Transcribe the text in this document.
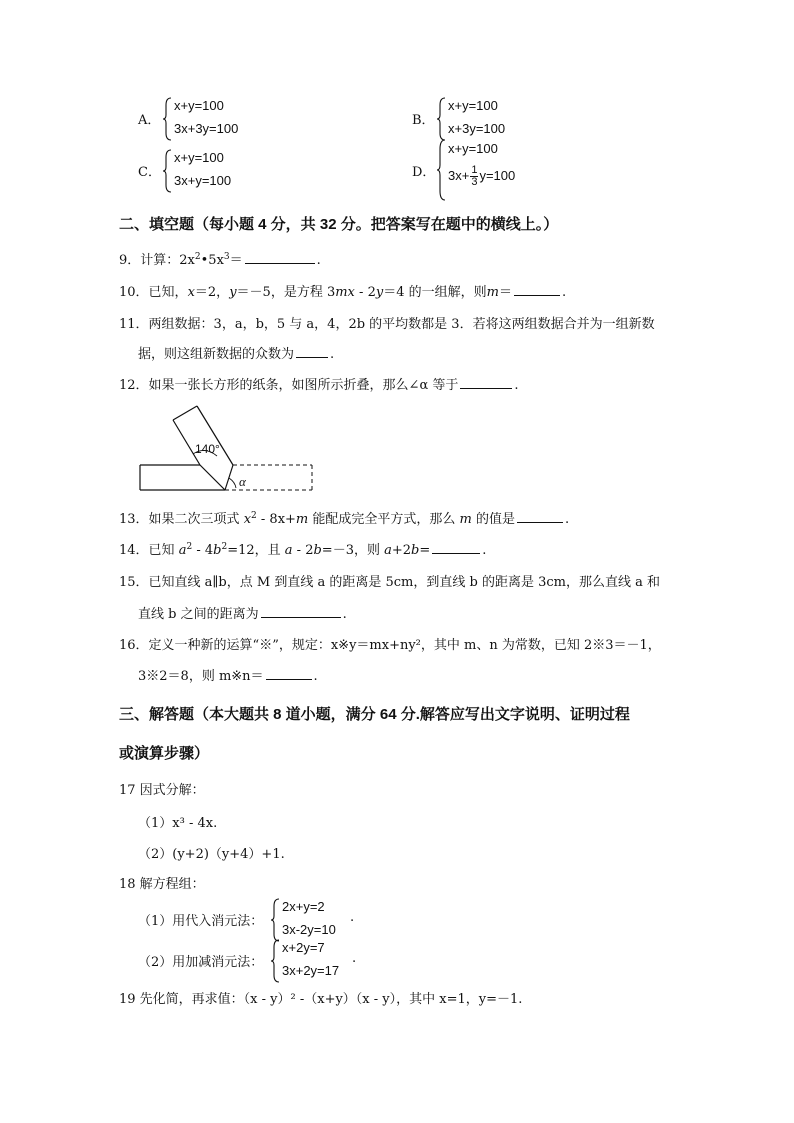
A．
x+y=100
3x+3y=100
B．
x+y=100
x+3y=100
C．
x+y=100
3x+y=100
D．
x+y=100
$3x+ \frac{1}{3} y=100$
二、填空题（每小题 4 分，共 32 分。把答案写在题中的横线上。）
9．计算：$2x^2•5x^3=$	.
10．已知，x＝2，y＝－5，是方程 3mx - 2y＝4 的一组解，则m＝	.
11．两组数据：3，a，b，5 与 a，4，2b 的平均数都是 3．若将这两组数据合并为一组新数
据，则这组新数据的众数为	.
12．如果一张长方形的纸条，如图所示折叠，那么∠α 等于	.
140°
α
13．如果二次三项式 $x^2 - 8x+m$ 能配成完全平方式，那么 m 的值是	.
14．已知 $a^2 - 4b^2=12$，且 a - 2b=－3，则 a+2b=	.
15．已知直线 a∥b，点 M 到直线 a 的距离是 5cm，到直线 b 的距离是 3cm，那么直线 a 和
直线 b 之间的距离为	.
16．定义一种新的运算“※”，规定：x※y＝mx+ny²，其中 m、n 为常数，已知 2※3＝－1，
3※2＝8，则 m※n＝	.
三、解答题（本大题共 8 道小题，满分 64 分.解答应写出文字说明、证明过程
或演算步骤）
17 因式分解：
（1）x³ - 4x.
（2）(y+2)（y+4）+1.
18 解方程组：
（1）用代入消元法：
2x+y=2
3x-2y=10
.
（2）用加减消元法：
x+2y=7
3x+2y=17
.
19 先化简，再求值：（x - y）² -（x+y）（x - y），其中 x=1，y=－1.
